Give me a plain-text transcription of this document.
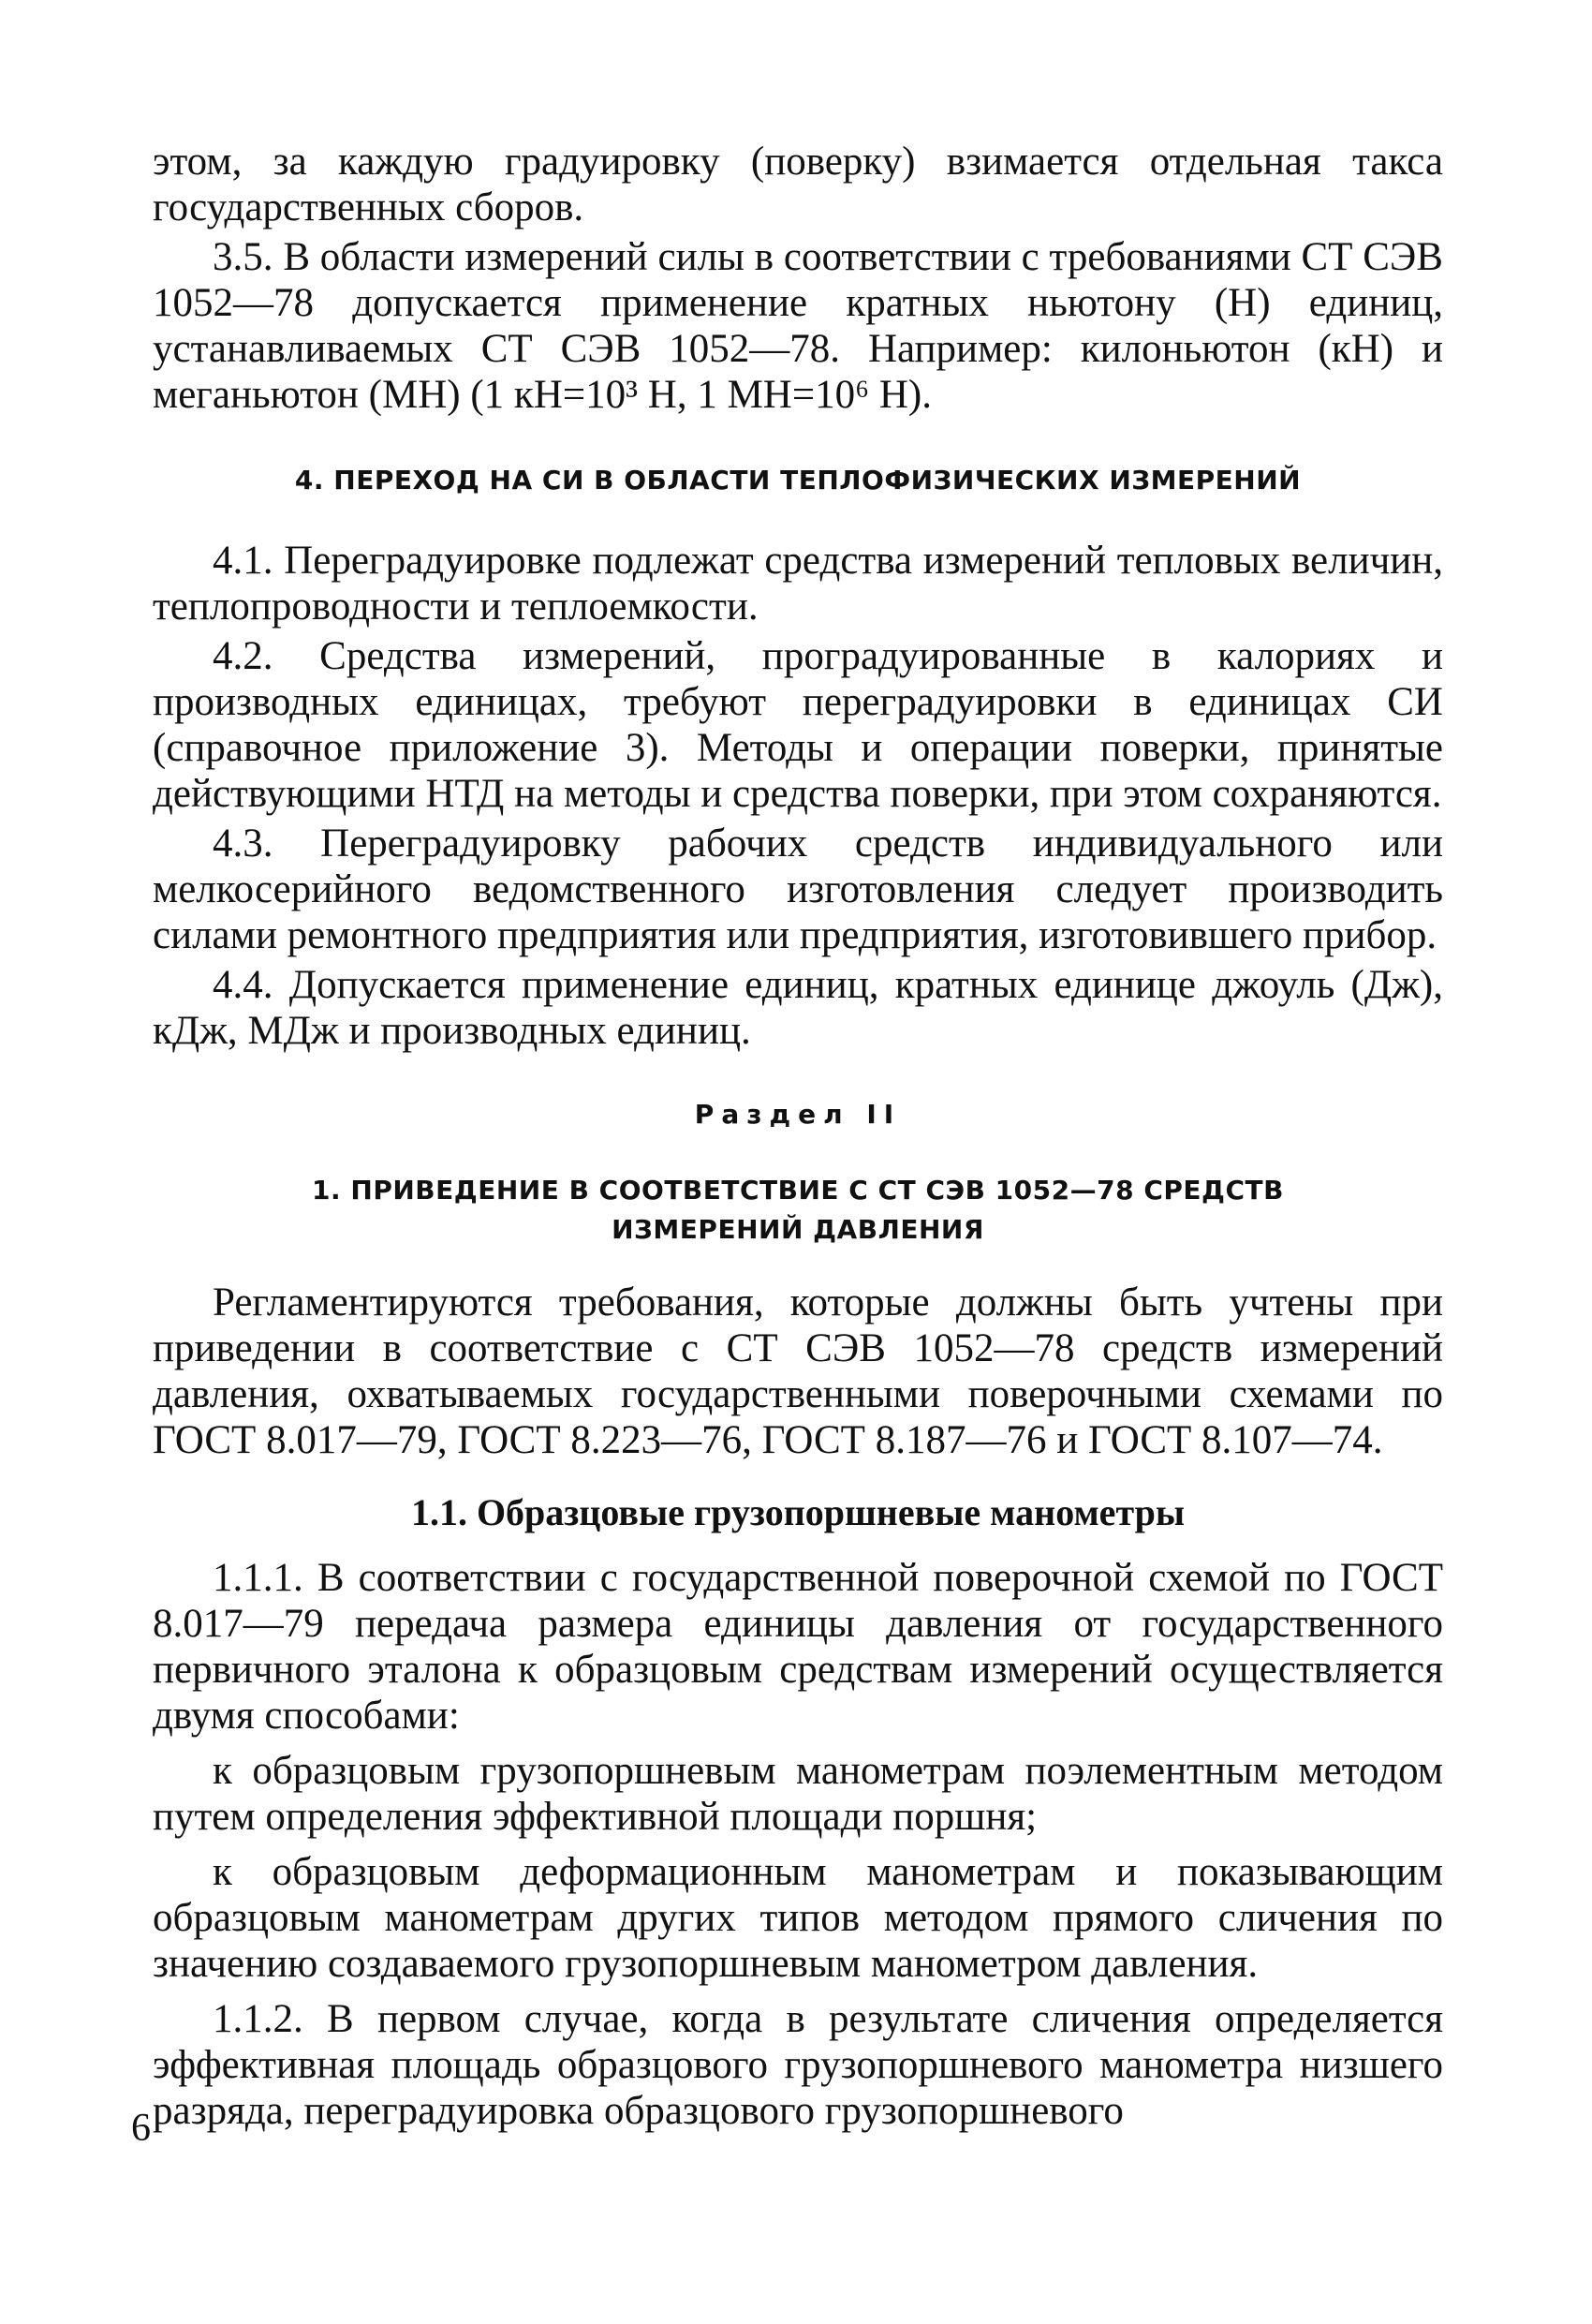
этом, за каждую градуировку (поверку) взимается отдельная такса государственных сборов.

3.5. В области измерений силы в соответствии с требованиями СТ СЭВ 1052—78 допускается применение кратных ньютону (Н) единиц, устанавливаемых СТ СЭВ 1052—78. Например: килоньютон (кН) и меганьютон (МН) (1 кН=10³ Н, 1 МН=10⁶ Н).

4. ПЕРЕХОД НА СИ В ОБЛАСТИ ТЕПЛОФИЗИЧЕСКИХ ИЗМЕРЕНИЙ

4.1. Переградуировке подлежат средства измерений тепловых величин, теплопроводности и теплоемкости.

4.2. Средства измерений, проградуированные в калориях и производных единицах, требуют переградуировки в единицах СИ (справочное приложение 3). Методы и операции поверки, принятые действующими НТД на методы и средства поверки, при этом сохраняются.

4.3. Переградуировку рабочих средств индивидуального или мелкосерийного ведомственного изготовления следует производить силами ремонтного предприятия или предприятия, изготовившего прибор.

4.4. Допускается применение единиц, кратных единице джоуль (Дж), кДж, МДж и производных единиц.

Раздел II
1. ПРИВЕДЕНИЕ В СООТВЕТСТВИЕ С СТ СЭВ 1052—78 СРЕДСТВ
ИЗМЕРЕНИЙ ДАВЛЕНИЯ

Регламентируются требования, которые должны быть учтены при приведении в соответствие с СТ СЭВ 1052—78 средств измерений давления, охватываемых государственными поверочными схемами по ГОСТ 8.017—79, ГОСТ 8.223—76, ГОСТ 8.187—76 и ГОСТ 8.107—74.

1.1. Образцовые грузопоршневые манометры

1.1.1. В соответствии с государственной поверочной схемой по ГОСТ 8.017—79 передача размера единицы давления от государственного первичного эталона к образцовым средствам измерений осуществляется двумя способами:

к образцовым грузопоршневым манометрам поэлементным методом путем определения эффективной площади поршня;

к образцовым деформационным манометрам и показывающим образцовым манометрам других типов методом прямого сличения по значению создаваемого грузопоршневым манометром давления.

1.1.2. В первом случае, когда в результате сличения определяется эффективная площадь образцового грузопоршневого манометра низшего разряда, переградуировка образцового грузопоршневого

6
